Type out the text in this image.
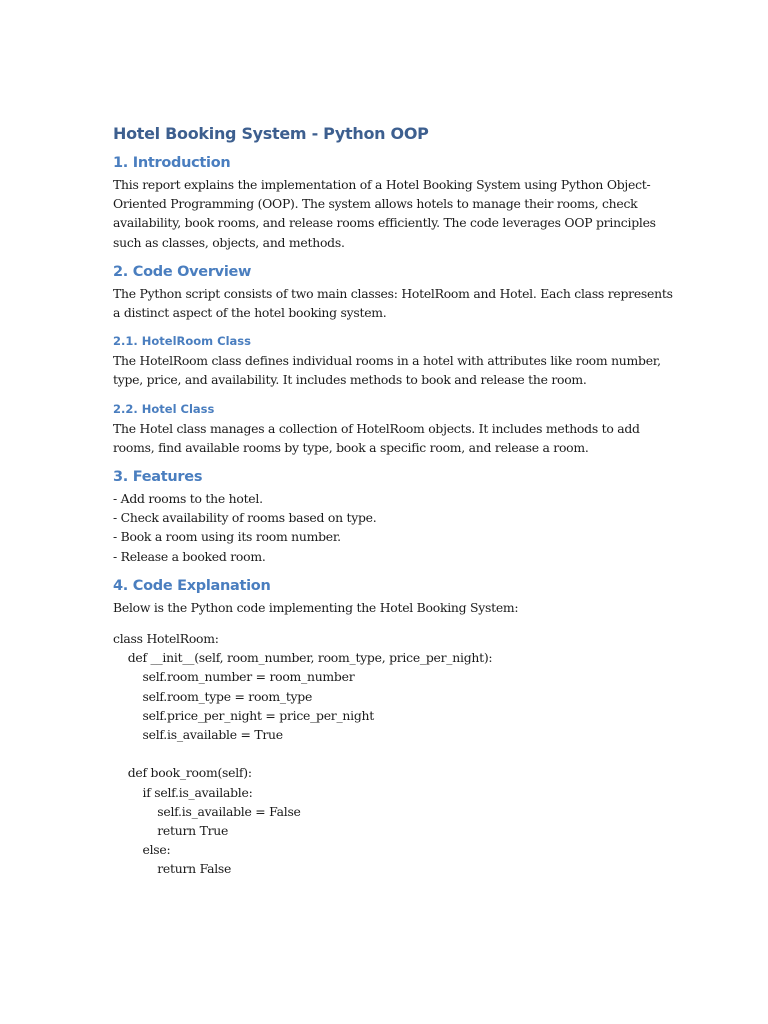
Hotel Booking System - Python OOP
1. Introduction

This report explains the implementation of a Hotel Booking System using Python Object-Oriented Programming (OOP). The system allows hotels to manage their rooms, check availability, book rooms, and release rooms efficiently. The code leverages OOP principles such as classes, objects, and methods.

2. Code Overview

The Python script consists of two main classes: HotelRoom and Hotel. Each class represents a distinct aspect of the hotel booking system.

2.1. HotelRoom Class

The HotelRoom class defines individual rooms in a hotel with attributes like room number, type, price, and availability. It includes methods to book and release the room.

2.2. Hotel Class

The Hotel class manages a collection of HotelRoom objects. It includes methods to add rooms, find available rooms by type, book a specific room, and release a room.

3. Features
- Add rooms to the hotel.
- Check availability of rooms based on type.
- Book a room using its room number.
- Release a booked room.
4. Code Explanation

Below is the Python code implementing the Hotel Booking System:

class HotelRoom:
def __init__(self, room_number, room_type, price_per_night):
self.room_number = room_number
self.room_type = room_type
self.price_per_night = price_per_night
self.is_available = True
def book_room(self):
if self.is_available:
self.is_available = False
return True
else:
return False
